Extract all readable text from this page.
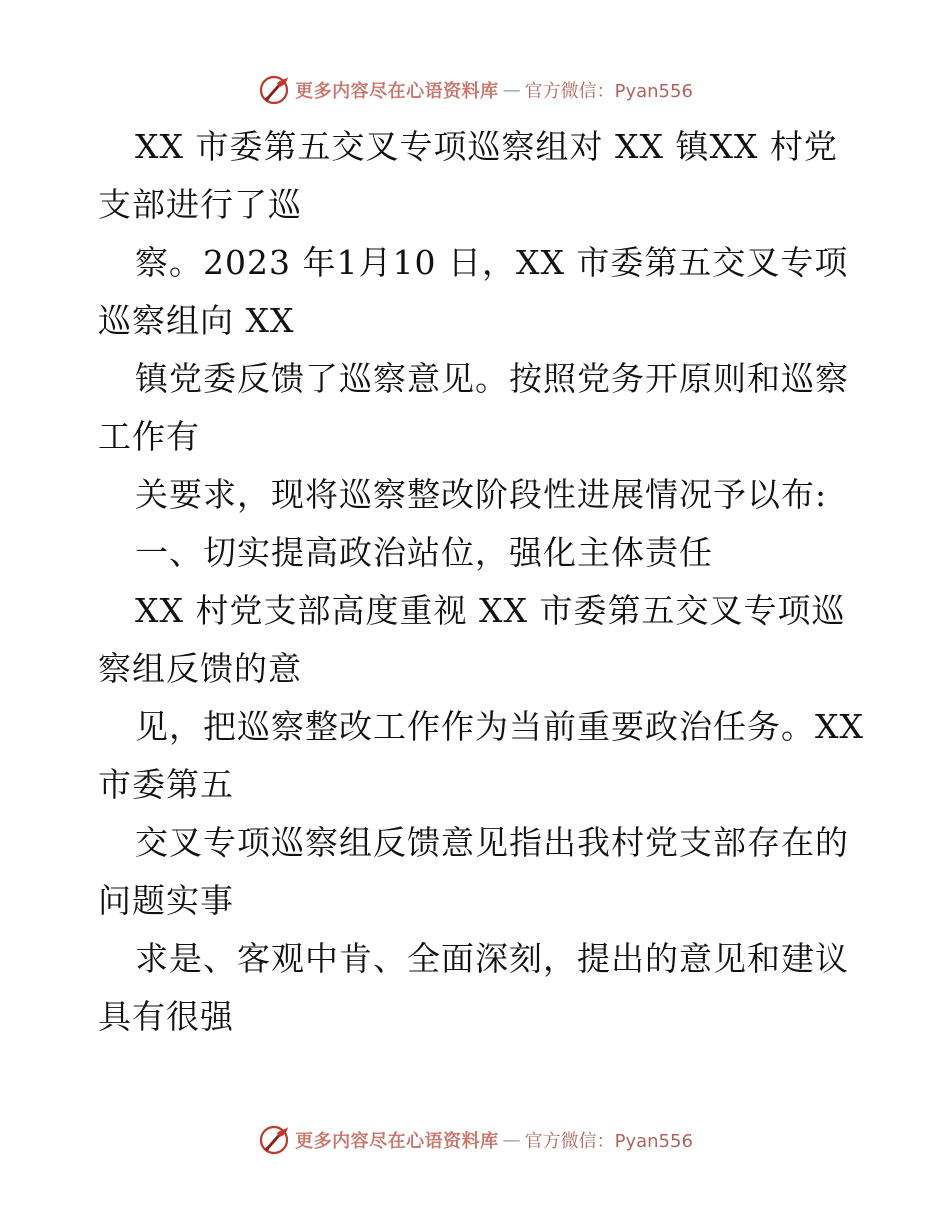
更多内容尽在心语资料库 — 官方微信：Pyan556
XX 市委第五交叉专项巡察组对 XX 镇XX 村党
支部进行了巡
察。2023 年1月10 日，XX 市委第五交叉专项
巡察组向 XX
镇党委反馈了巡察意见。按照党务开原则和巡察
工作有
关要求，现将巡察整改阶段性进展情况予以布:
一、切实提高政治站位，强化主体责任
XX 村党支部高度重视 XX 市委第五交叉专项巡
察组反馈的意
见，把巡察整改工作作为当前重要政治任务。XX
市委第五
交叉专项巡察组反馈意见指出我村党支部存在的
问题实事
求是、客观中肯、全面深刻，提出的意见和建议
具有很强
更多内容尽在心语资料库 — 官方微信：Pyan556
